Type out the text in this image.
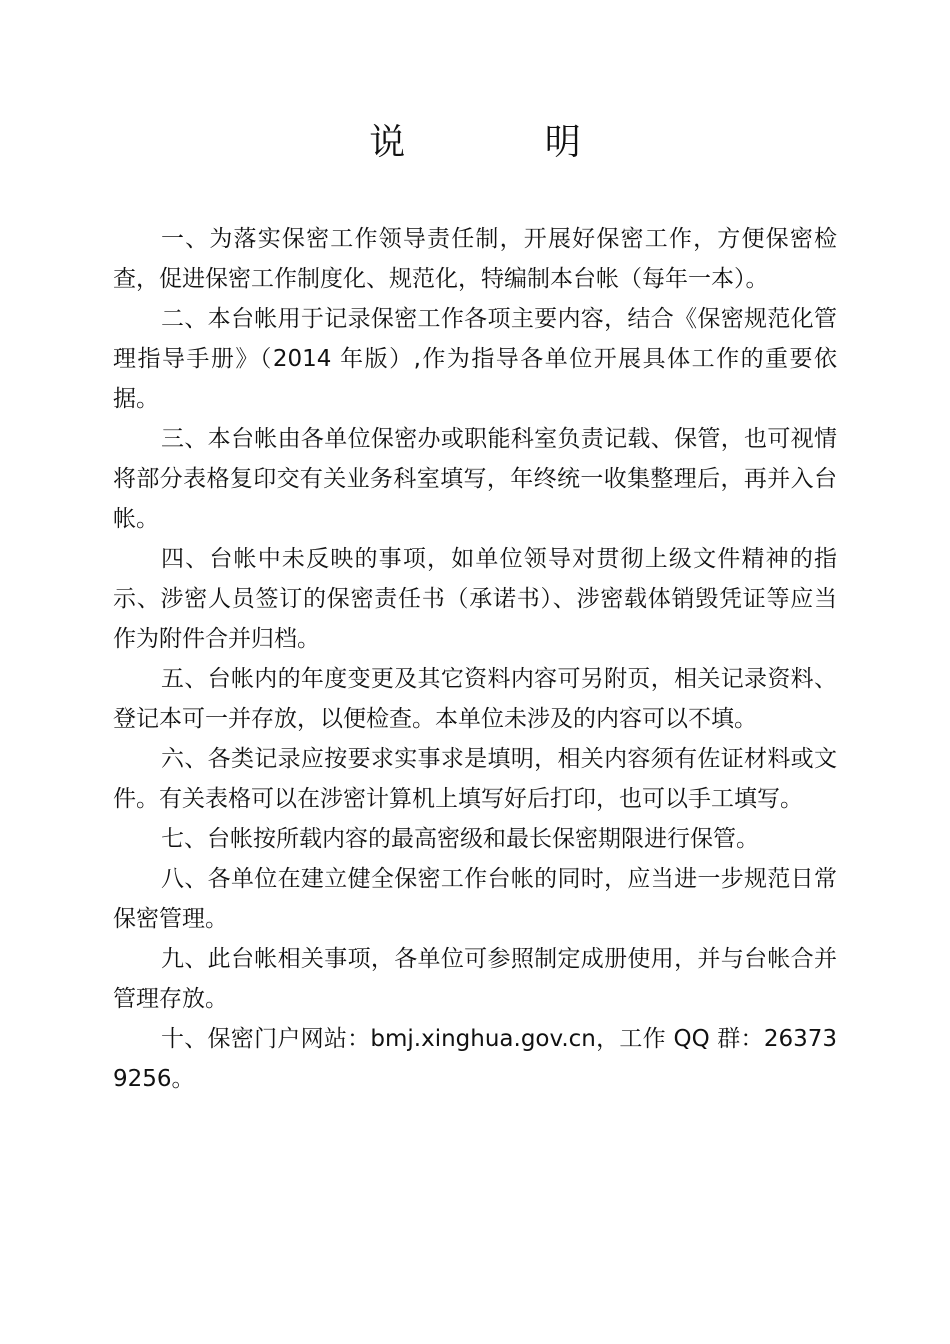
说 明

一、为落实保密工作领导责任制，开展好保密工作，方便保密检查，促进保密工作制度化、规范化，特编制本台帐（每年一本）。

二、本台帐用于记录保密工作各项主要内容，结合《保密规范化管理指导手册》（2014 年版）,作为指导各单位开展具体工作的重要依据。

三、本台帐由各单位保密办或职能科室负责记载、保管，也可视情将部分表格复印交有关业务科室填写，年终统一收集整理后，再并入台帐。

四、台帐中未反映的事项，如单位领导对贯彻上级文件精神的指示、涉密人员签订的保密责任书（承诺书）、涉密载体销毁凭证等应当作为附件合并归档。

五、台帐内的年度变更及其它资料内容可另附页，相关记录资料、登记本可一并存放，以便检查。本单位未涉及的内容可以不填。

六、各类记录应按要求实事求是填明，相关内容须有佐证材料或文件。有关表格可以在涉密计算机上填写好后打印，也可以手工填写。

七、台帐按所载内容的最高密级和最长保密期限进行保管。

八、各单位在建立健全保密工作台帐的同时，应当进一步规范日常保密管理。

九、此台帐相关事项，各单位可参照制定成册使用，并与台帐合并管理存放。

十、保密门户网站：bmj.xinghua.gov.cn，工作 QQ 群：263739256。
